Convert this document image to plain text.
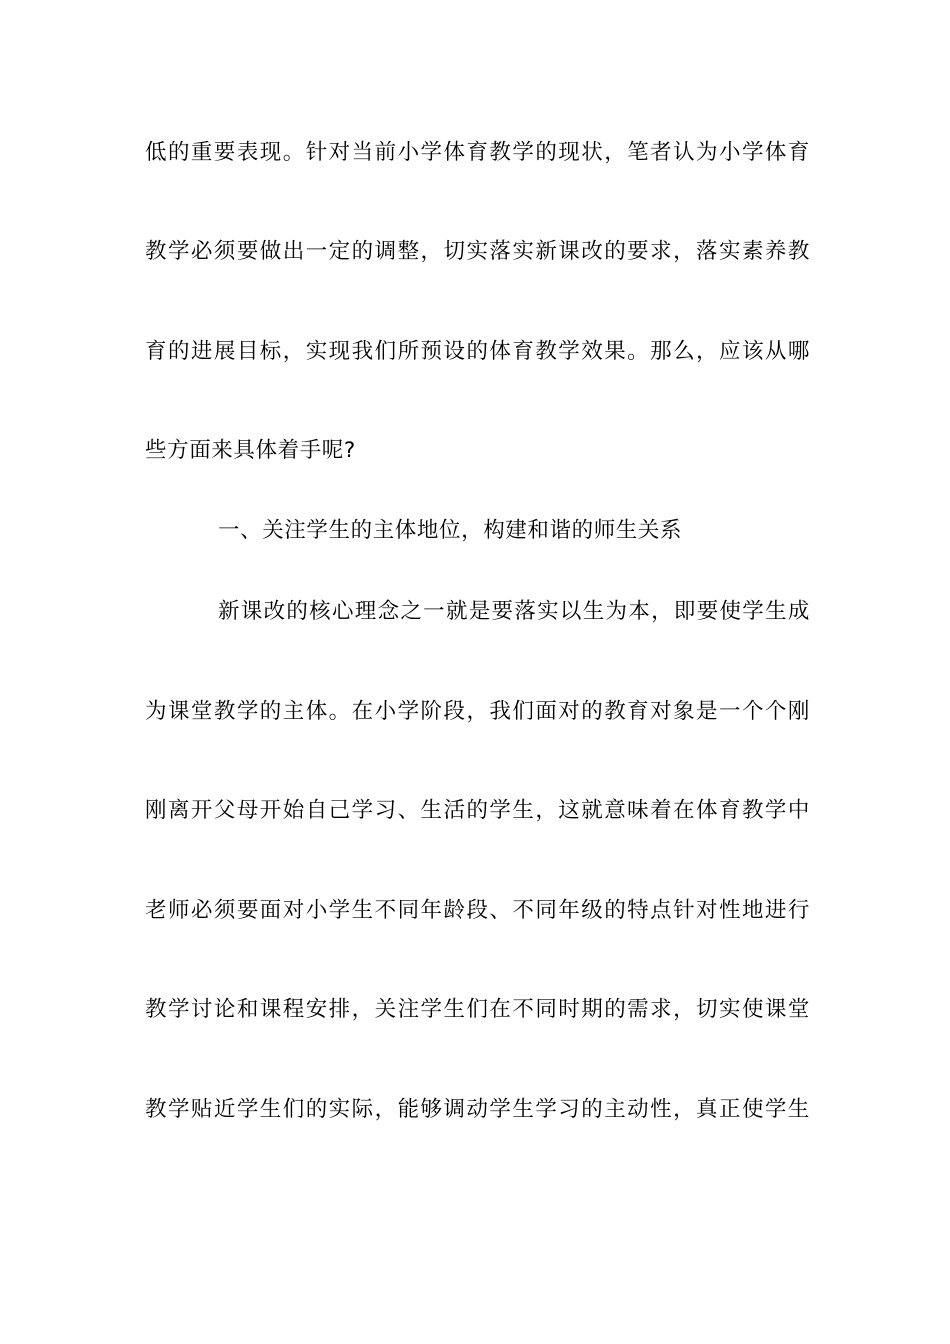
低的重要表现。针对当前小学体育教学的现状，笔者认为小学体育
教学必须要做出一定的调整，切实落实新课改的要求，落实素养教
育的进展目标，实现我们所预设的体育教学效果。那么，应该从哪
些方面来具体着手呢?
一、关注学生的主体地位，构建和谐的师生关系
新课改的核心理念之一就是要落实以生为本，即要使学生成
为课堂教学的主体。在小学阶段，我们面对的教育对象是一个个刚
刚离开父母开始自己学习、生活的学生，这就意味着在体育教学中
老师必须要面对小学生不同年龄段、不同年级的特点针对性地进行
教学讨论和课程安排，关注学生们在不同时期的需求，切实使课堂
教学贴近学生们的实际，能够调动学生学习的主动性，真正使学生
